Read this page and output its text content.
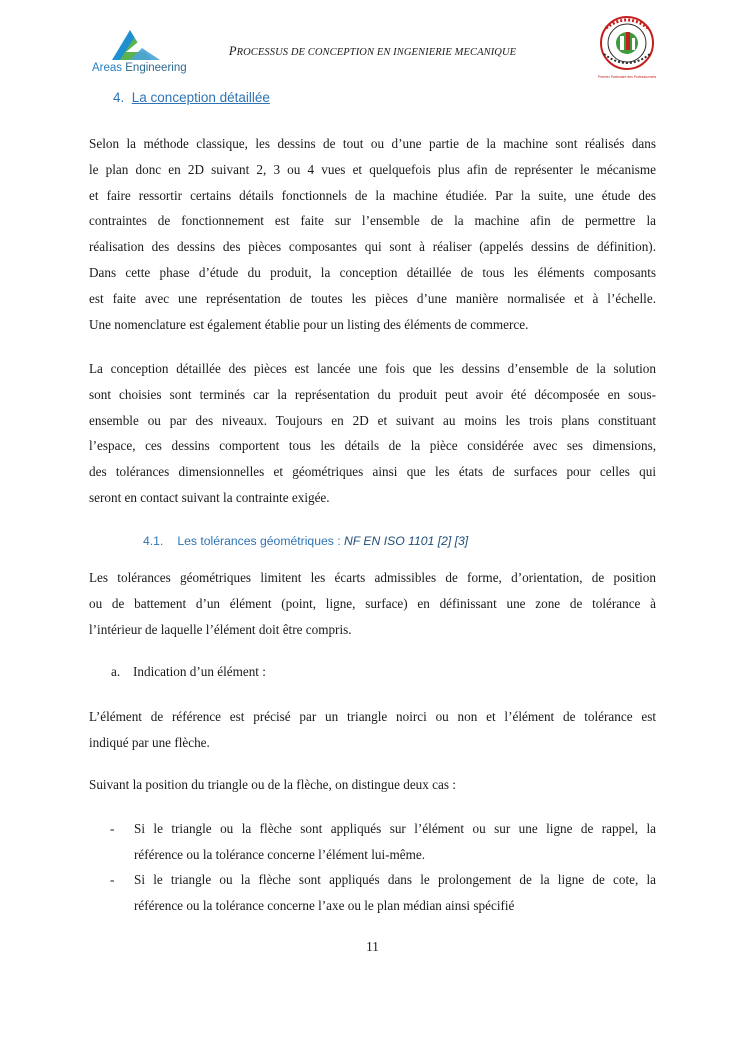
Areas Engineering
PROCESSUS DE CONCEPTION EN INGENIERIE MECANIQUE
Premier Partenaire des Professionnels
4. La conception détaillée
Selon la méthode classique, les dessins de tout ou d’une partie de la machine sont réalisés dans
le plan donc en 2D suivant 2, 3 ou 4 vues et quelquefois plus afin de représenter le mécanisme
et faire ressortir certains détails fonctionnels de la machine étudiée. Par la suite, une étude des
contraintes de fonctionnement est faite sur l’ensemble de la machine afin de permettre la
réalisation des dessins des pièces composantes qui sont à réaliser (appelés dessins de définition).
Dans cette phase d’étude du produit, la conception détaillée de tous les éléments composants
est faite avec une représentation de toutes les pièces d’une manière normalisée et à l’échelle.
Une nomenclature est également établie pour un listing des éléments de commerce.
La conception détaillée des pièces est lancée une fois que les dessins d’ensemble de la solution
sont choisies sont terminés car la représentation du produit peut avoir été décomposée en sous-
ensemble ou par des niveaux. Toujours en 2D et suivant au moins les trois plans constituant
l’espace, ces dessins comportent tous les détails de la pièce considérée avec ses dimensions,
des tolérances dimensionnelles et géométriques ainsi que les états de surfaces pour celles qui
seront en contact suivant la contrainte exigée.
4.1. Les tolérances géométriques : NF EN ISO 1101 [2] [3]
Les tolérances géométriques limitent les écarts admissibles de forme, d’orientation, de position
ou de battement d’un élément (point, ligne, surface) en définissant une zone de tolérance à
l’intérieur de laquelle l’élément doit être compris.
a. Indication d’un élément :
L’élément de référence est précisé par un triangle noirci ou non et l’élément de tolérance est
indiqué par une flèche.
Suivant la position du triangle ou de la flèche, on distingue deux cas :
- Si le triangle ou la flèche sont appliqués sur l’élément ou sur une ligne de rappel, la
référence ou la tolérance concerne l’élément lui-même.
- Si le triangle ou la flèche sont appliqués dans le prolongement de la ligne de cote, la
référence ou la tolérance concerne l’axe ou le plan médian ainsi spécifié
11
